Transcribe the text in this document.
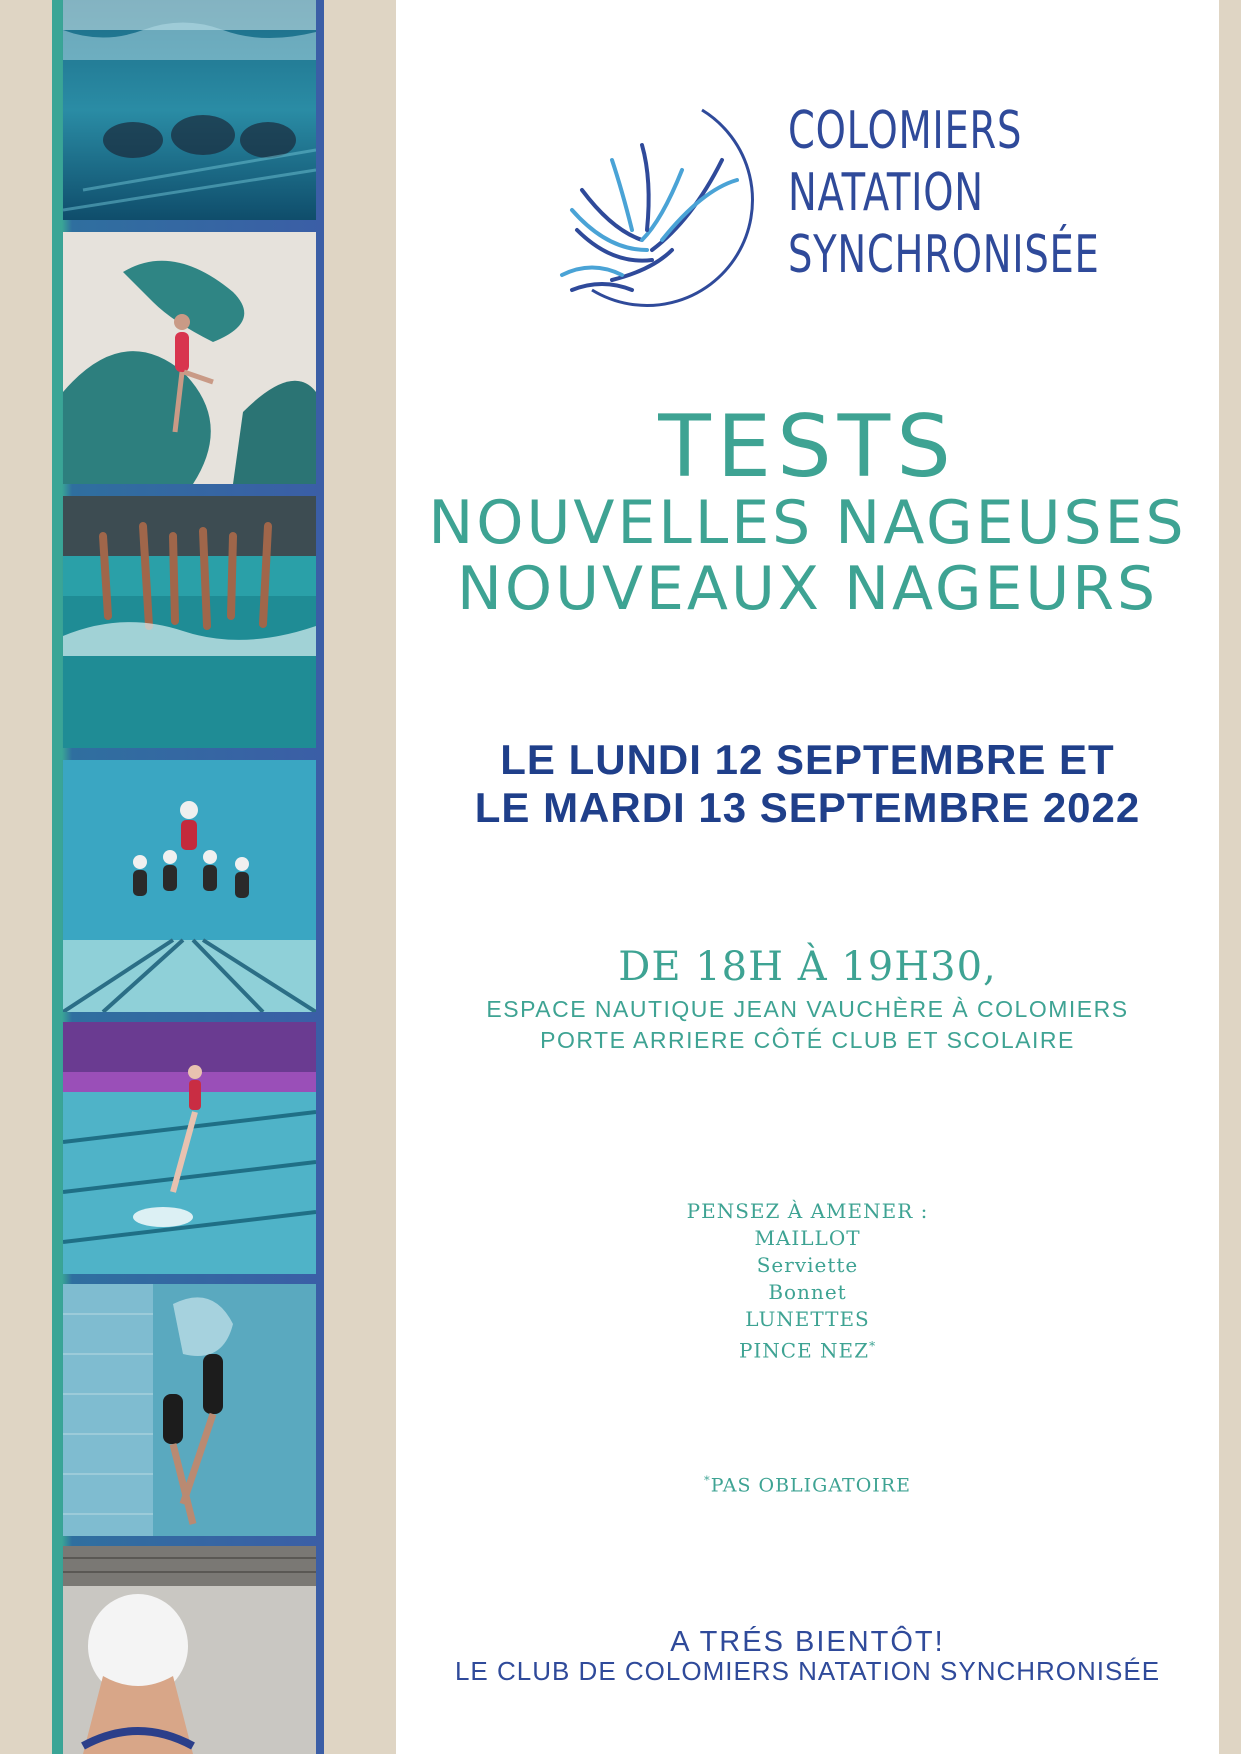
COLOMIERS
NATATION
SYNCHRONISÉE
TESTS
NOUVELLES NAGEUSES
NOUVEAUX NAGEURS
LE LUNDI 12 SEPTEMBRE ET
LE MARDI 13 SEPTEMBRE 2022
DE 18H À 19H30,
ESPACE NAUTIQUE JEAN VAUCHÈRE À COLOMIERS
PORTE ARRIERE CÔTÉ CLUB ET SCOLAIRE
PENSEZ À AMENER :
MAILLOT
Serviette
Bonnet
LUNETTES
PINCE NEZ*
*PAS OBLIGATOIRE
A TRÉS BIENTÔT!
LE CLUB DE COLOMIERS NATATION SYNCHRONISÉE
